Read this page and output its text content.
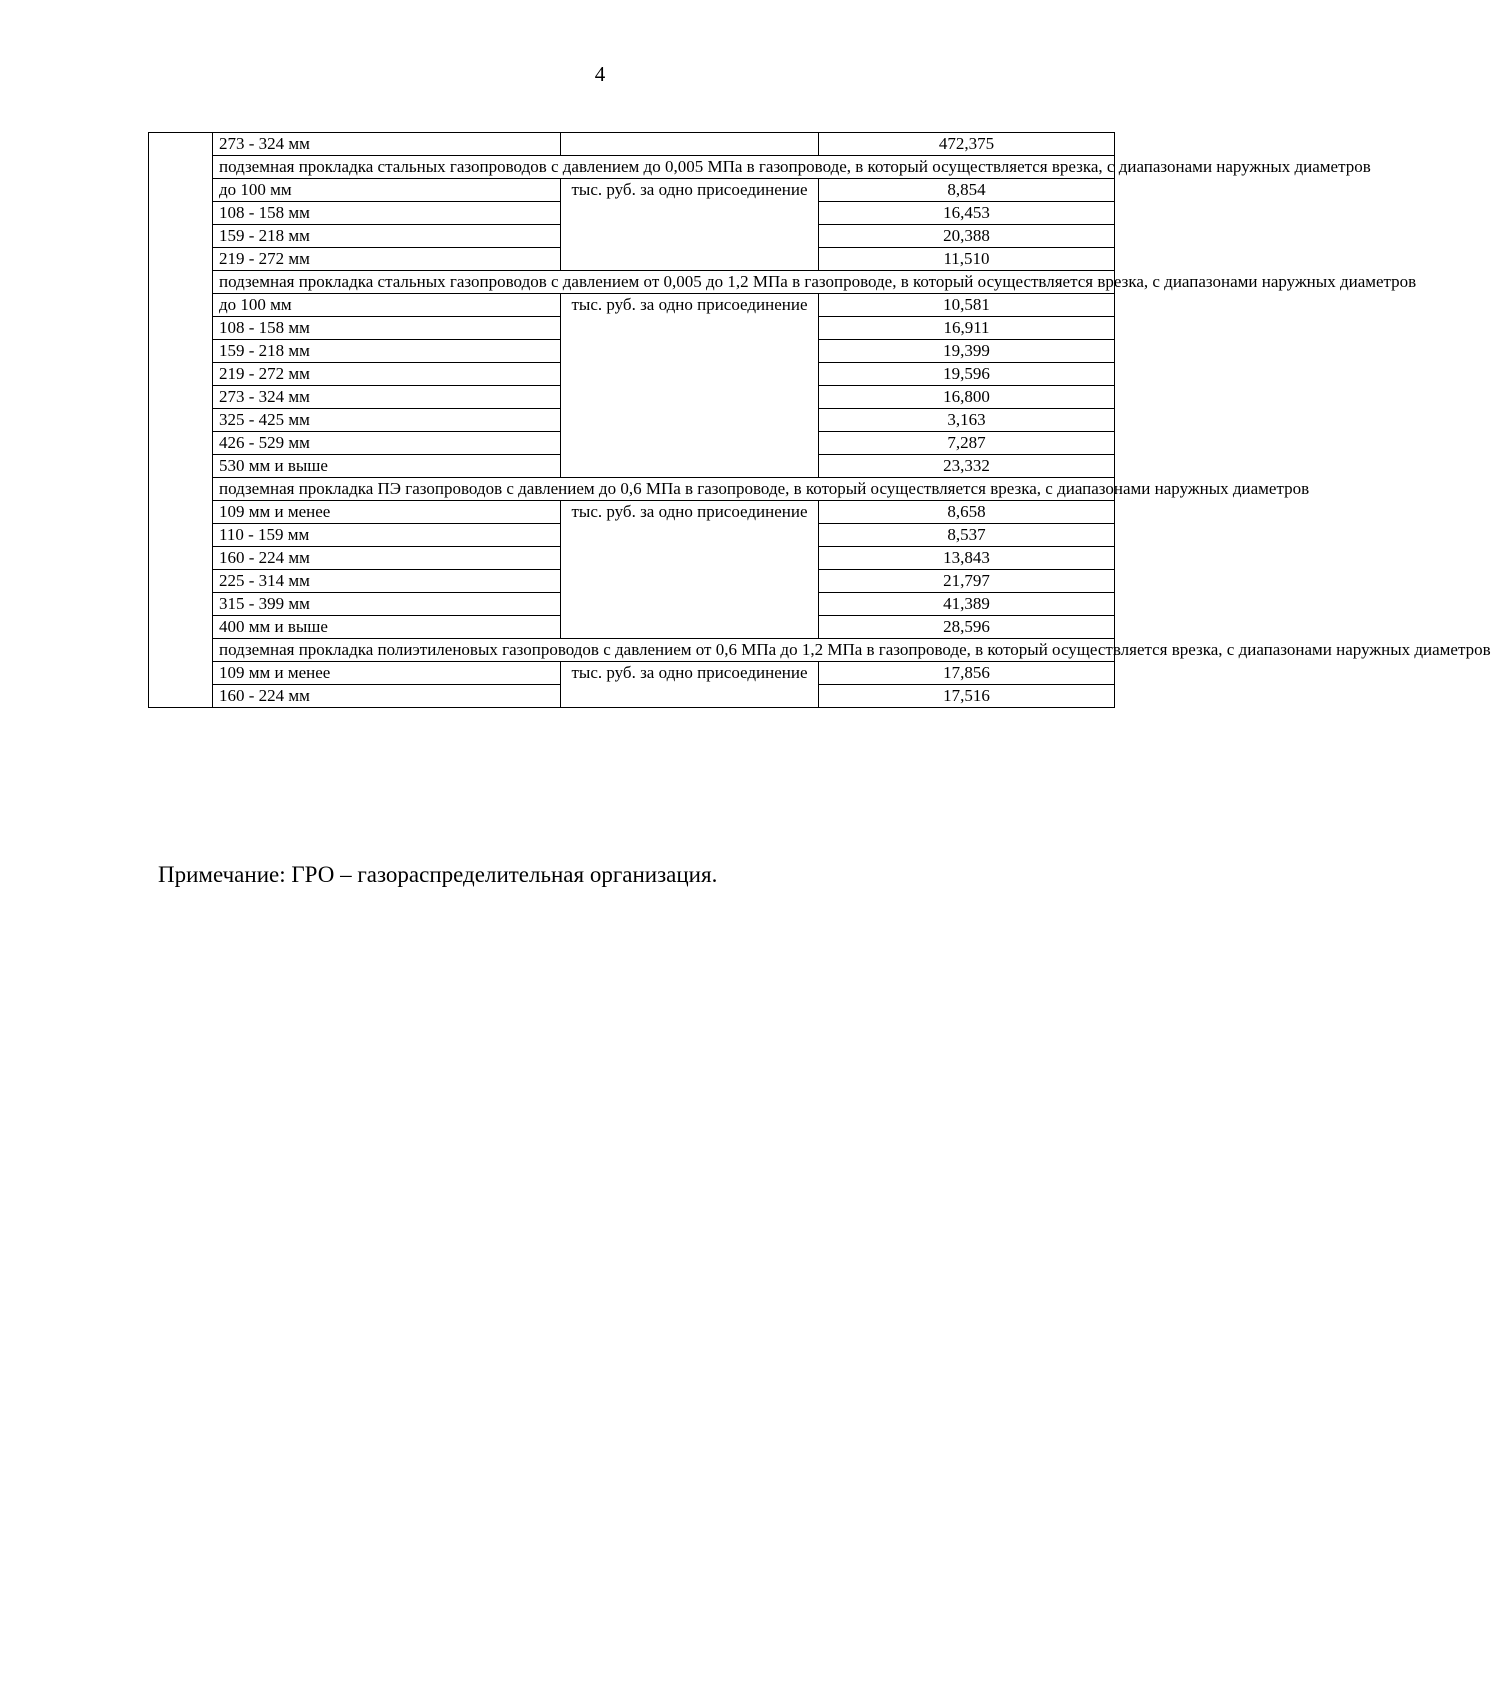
4
	273 - 324 мм		472,375
	подземная прокладка стальных газопроводов с давлением до 0,005 МПа в газопроводе, в который осуществляется врезка, с диапазонами наружных диаметров		
	до 100 мм	тыс. руб. за одно присоединение	8,854
	108 - 158 мм		16,453
	159 - 218 мм		20,388
	219 - 272 мм		11,510
	подземная прокладка стальных газопроводов с давлением от 0,005 до 1,2 МПа в газопроводе, в который осуществляется врезка, с диапазонами наружных диаметров		
	до 100 мм	тыс. руб. за одно присоединение	10,581
	108 - 158 мм		16,911
	159 - 218 мм		19,399
	219 - 272 мм		19,596
	273 - 324 мм		16,800
	325 - 425 мм		3,163
	426 - 529 мм		7,287
	530 мм и выше		23,332
	подземная прокладка ПЭ газопроводов с давлением до 0,6 МПа в газопроводе, в который осуществляется врезка, с диапазонами наружных диаметров		
	109 мм и менее	тыс. руб. за одно присоединение	8,658
	110 - 159 мм		8,537
	160 - 224 мм		13,843
	225 - 314 мм		21,797
	315 - 399 мм		41,389
	400 мм и выше		28,596
	подземная прокладка полиэтиленовых газопроводов с давлением от 0,6 МПа до 1,2 МПа в газопроводе, в который осуществляется врезка, с диапазонами наружных диаметров		
	109 мм и менее	тыс. руб. за одно присоединение	17,856
	160 - 224 мм		17,516
Примечание: ГРО – газораспределительная организация.
